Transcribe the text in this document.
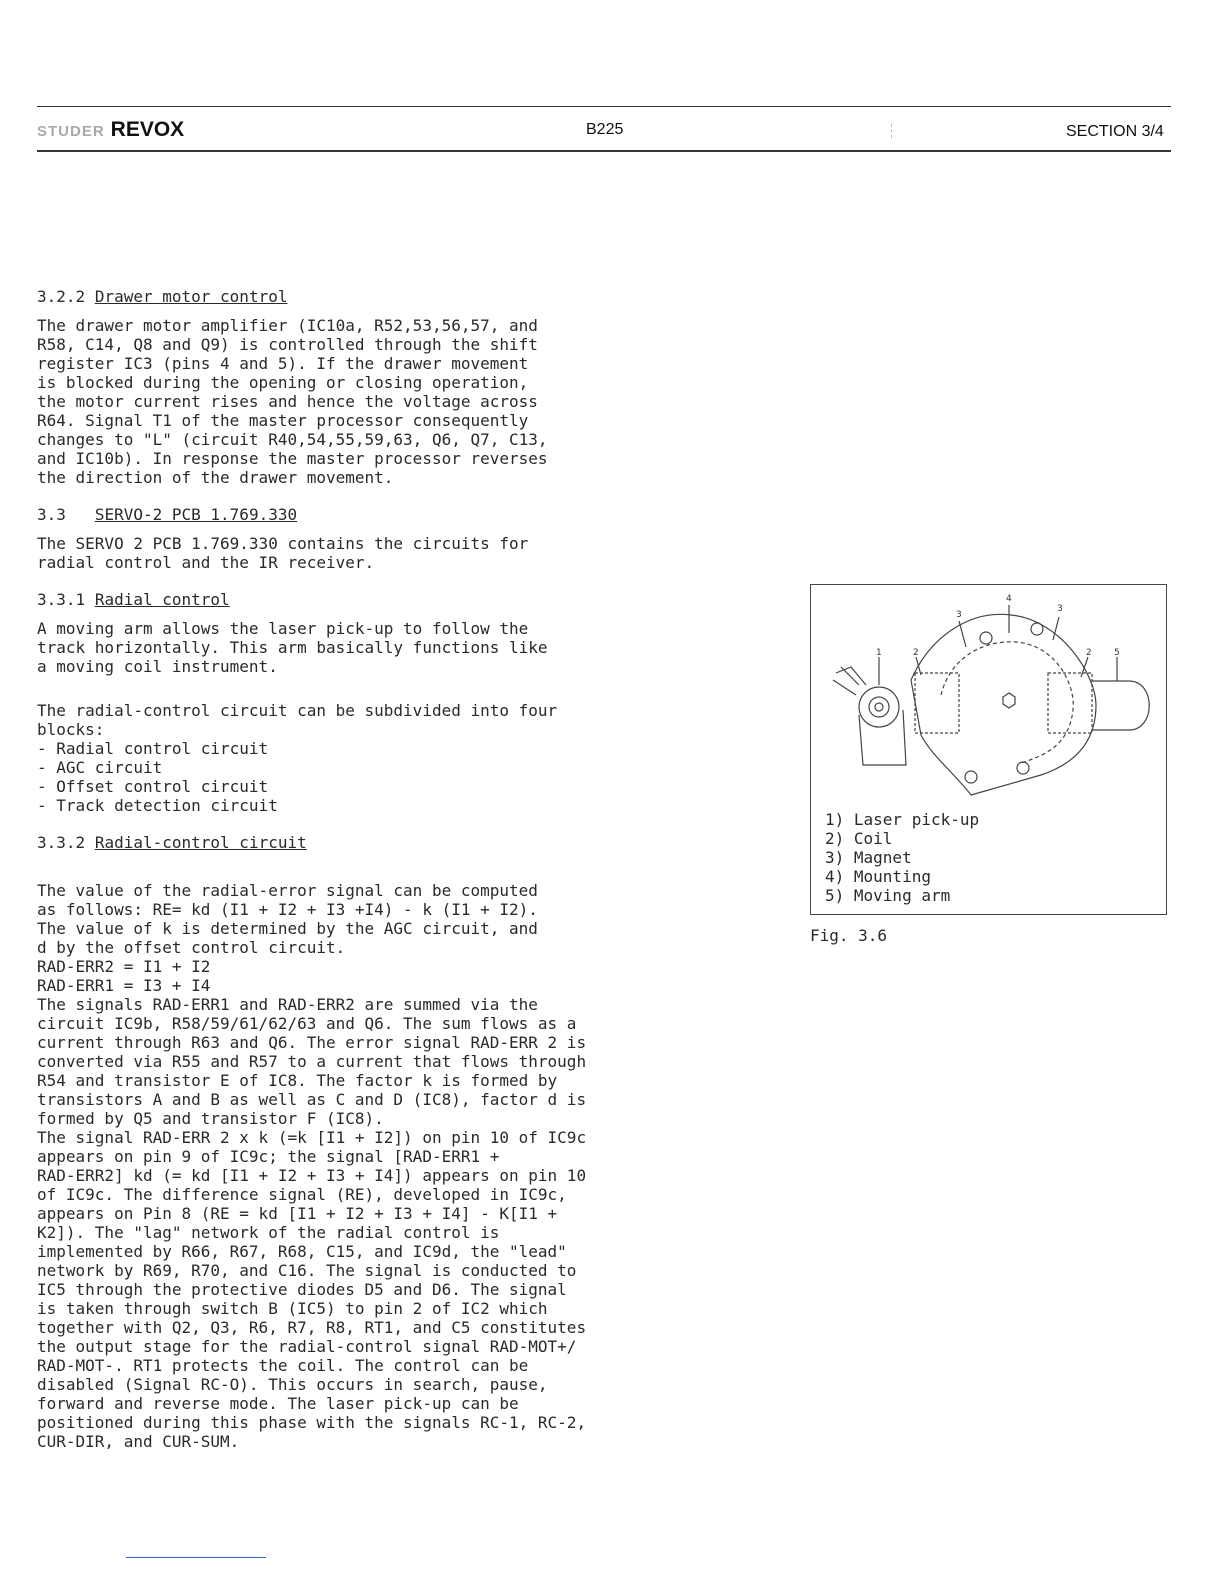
STUDER REVOX	B225	SECTION 3/4
3.2.2 Drawer motor control
The drawer motor amplifier (IC10a, R52,53,56,57, and
R58, C14, Q8 and Q9) is controlled through the shift
register IC3 (pins 4 and 5). If the drawer movement
is blocked during the opening or closing operation,
the motor current rises and hence the voltage across
R64. Signal T1 of the master processor consequently
changes to "L" (circuit R40,54,55,59,63, Q6, Q7, C13,
and IC10b). In response the master processor reverses
the direction of the drawer movement.
3.3 SERVO-2 PCB 1.769.330
The SERVO 2 PCB 1.769.330 contains the circuits for
radial control and the IR receiver.
3.3.1 Radial control
A moving arm allows the laser pick-up to follow the
track horizontally. This arm basically functions like
a moving coil instrument.
The radial-control circuit can be subdivided into four
blocks:
- Radial control circuit
- AGC circuit
- Offset control circuit
- Track detection circuit
3.3.2 Radial-control circuit

The value of the radial-error signal can be computed
as follows: RE= kd (I1 + I2 + I3 +I4) - k (I1 + I2).
The value of k is determined by the AGC circuit, and
d by the offset control circuit.
RAD-ERR2 = I1 + I2
RAD-ERR1 = I3 + I4
The signals RAD-ERR1 and RAD-ERR2 are summed via the
circuit IC9b, R58/59/61/62/63 and Q6. The sum flows as a
current through R63 and Q6. The error signal RAD-ERR 2 is
converted via R55 and R57 to a current that flows through
R54 and transistor E of IC8. The factor k is formed by
transistors A and B as well as C and D (IC8), factor d is
formed by Q5 and transistor F (IC8).
The signal RAD-ERR 2 x k (=k [I1 + I2]) on pin 10 of IC9c
appears on pin 9 of IC9c; the signal [RAD-ERR1 +
RAD-ERR2] kd (= kd [I1 + I2 + I3 + I4]) appears on pin 10
of IC9c. The difference signal (RE), developed in IC9c,
appears on Pin 8 (RE = kd [I1 + I2 + I3 + I4] - K[I1 +
K2]). The "lag" network of the radial control is
implemented by R66, R67, R68, C15, and IC9d, the "lead"
network by R69, R70, and C16. The signal is conducted to
IC5 through the protective diodes D5 and D6. The signal
is taken through switch B (IC5) to pin 2 of IC2 which
together with Q2, Q3, R6, R7, R8, RT1, and C5 constitutes
the output stage for the radial-control signal RAD-MOT+/
RAD-MOT-. RT1 protects the coil. The control can be
disabled (Signal RC-O). This occurs in search, pause,
forward and reverse mode. The laser pick-up can be
positioned during this phase with the signals RC-1, RC-2,
CUR-DIR, and CUR-SUM.

1	2
3
3
4
2 5
1) Laser pick-up
2) Coil
3) Magnet
4) Mounting
5) Moving arm
Fig. 3.6
